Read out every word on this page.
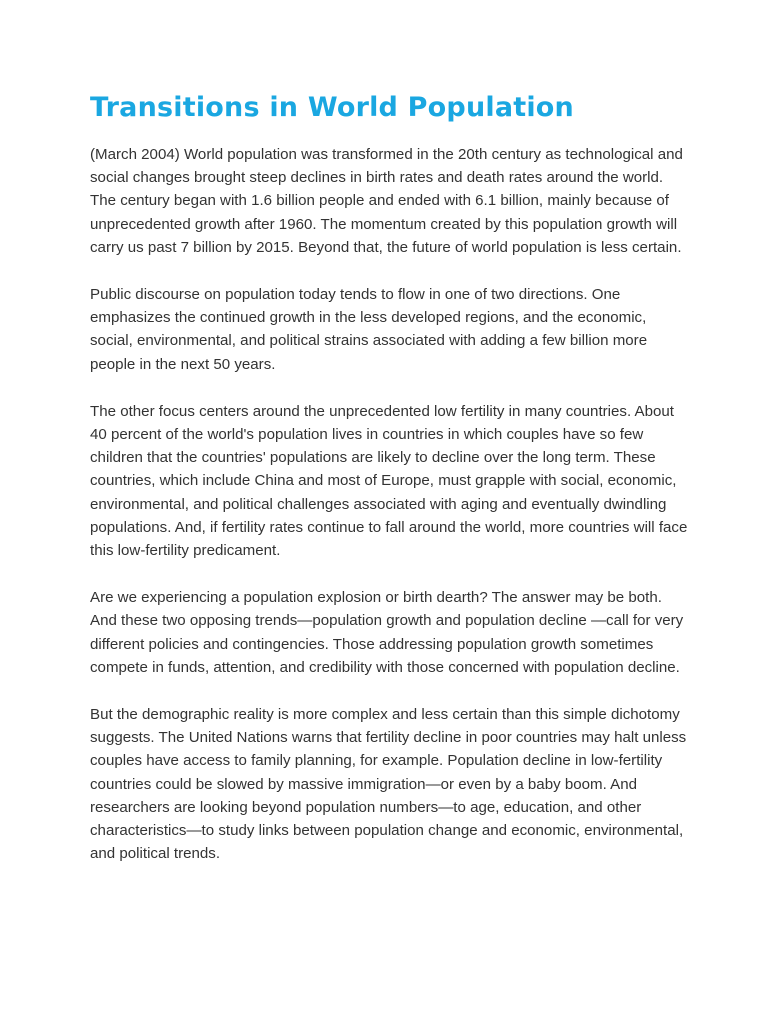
Transitions in World Population

(March 2004) World population was transformed in the 20th century as technological and social changes brought steep declines in birth rates and death rates around the world. The century began with 1.6 billion people and ended with 6.1 billion, mainly because of unprecedented growth after 1960. The momentum created by this population growth will carry us past 7 billion by 2015. Beyond that, the future of world population is less certain.

Public discourse on population today tends to flow in one of two directions. One emphasizes the continued growth in the less developed regions, and the economic, social, environmental, and political strains associated with adding a few billion more people in the next 50 years.

The other focus centers around the unprecedented low fertility in many countries. About 40 percent of the world's population lives in countries in which couples have so few children that the countries' populations are likely to decline over the long term. These countries, which include China and most of Europe, must grapple with social, economic, environmental, and political challenges associated with aging and eventually dwindling populations. And, if fertility rates continue to fall around the world, more countries will face this low-fertility predicament.

Are we experiencing a population explosion or birth dearth? The answer may be both. And these two opposing trends—population growth and population decline —call for very different policies and contingencies. Those addressing population growth sometimes compete in funds, attention, and credibility with those concerned with population decline.

But the demographic reality is more complex and less certain than this simple dichotomy suggests. The United Nations warns that fertility decline in poor countries may halt unless couples have access to family planning, for example. Population decline in low-fertility countries could be slowed by massive immigration—or even by a baby boom. And researchers are looking beyond population numbers—to age, education, and other characteristics—to study links between population change and economic, environmental, and political trends.
